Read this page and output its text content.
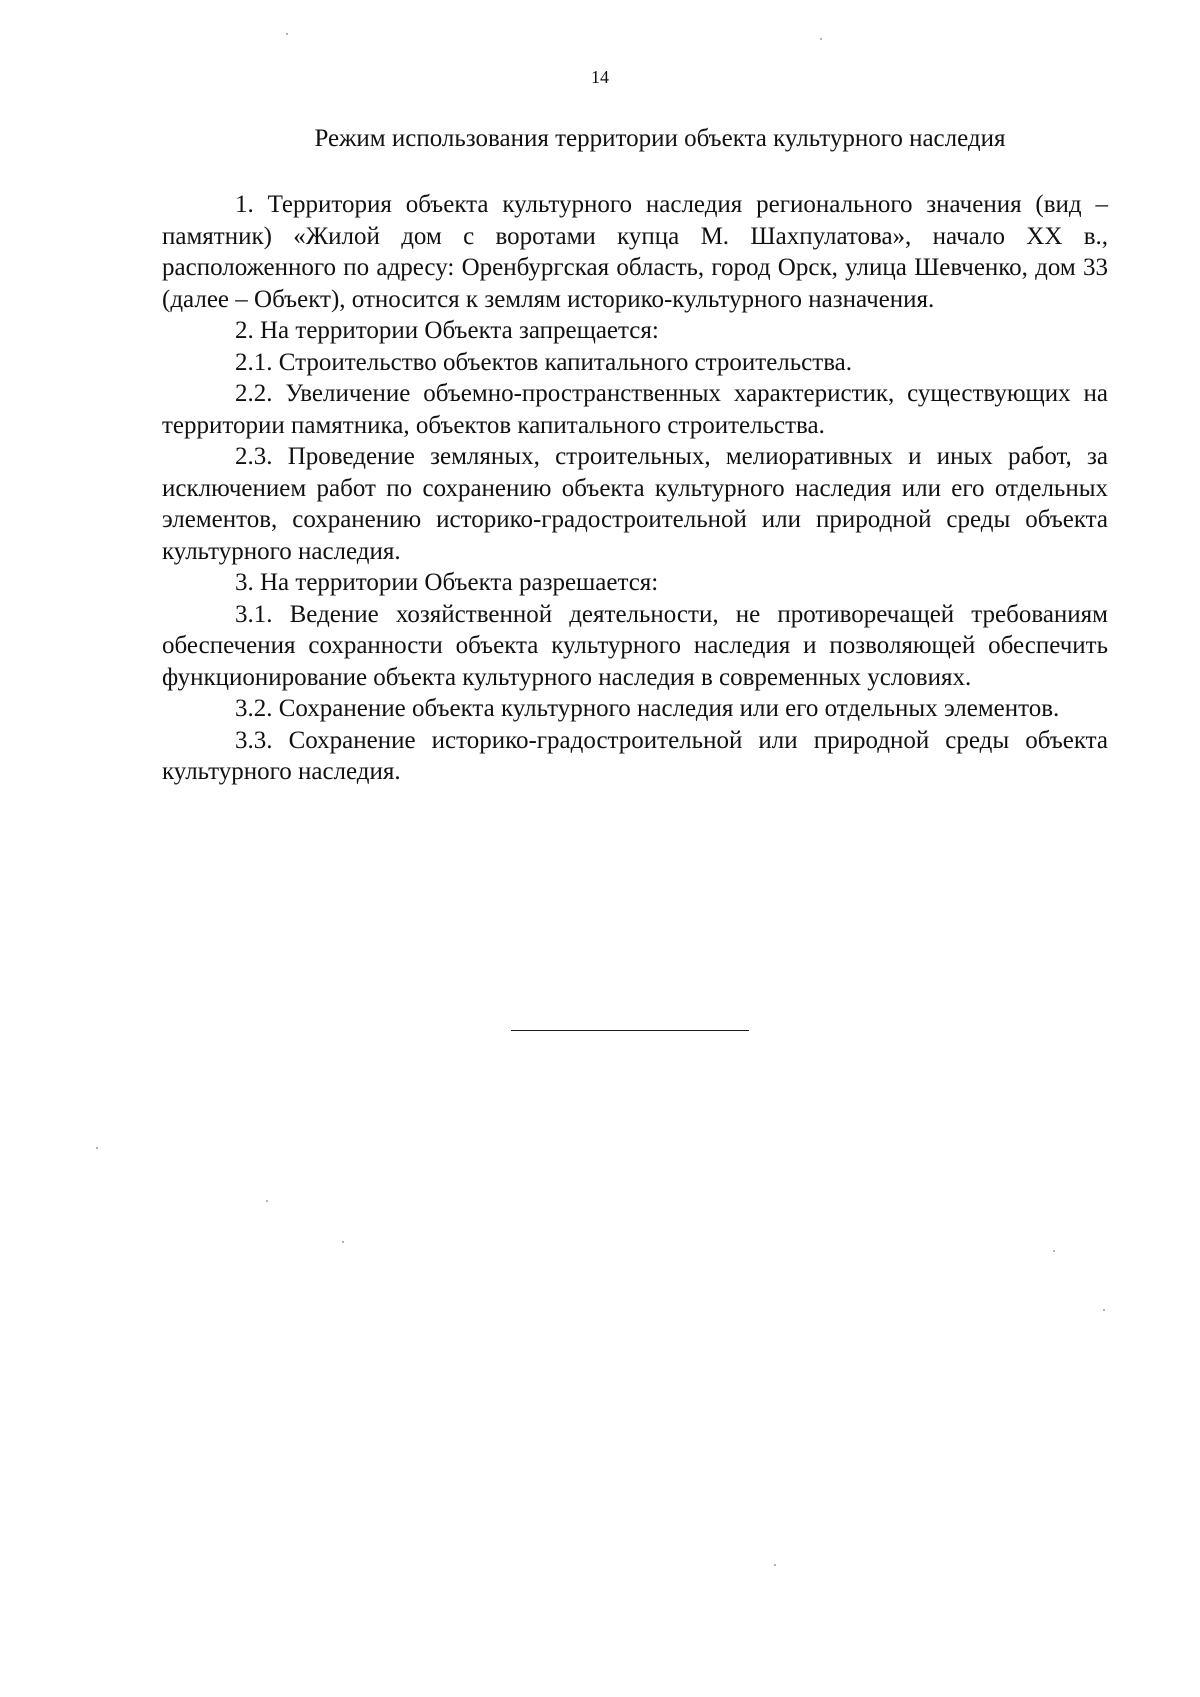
14
Режим использования территории объекта культурного наследия

1. Территория объекта культурного наследия регионального значения (вид – памятник) «Жилой дом с воротами купца М. Шахпулатова», начало XX в., расположенного по адресу: Оренбургская область, город Орск, улица Шевченко, дом 33 (далее – Объект), относится к землям историко-культурного назначения.

2. На территории Объекта запрещается:

2.1. Строительство объектов капитального строительства.

2.2. Увеличение объемно-пространственных характеристик, существующих на территории памятника, объектов капитального строительства.

2.3. Проведение земляных, строительных, мелиоративных и иных работ, за исключением работ по сохранению объекта культурного наследия или его отдельных элементов, сохранению историко-градостроительной или природной среды объекта культурного наследия.

3. На территории Объекта разрешается:

3.1. Ведение хозяйственной деятельности, не противоречащей требованиям обеспечения сохранности объекта культурного наследия и позволяющей обеспечить функционирование объекта культурного наследия в современных условиях.

3.2. Сохранение объекта культурного наследия или его отдельных элементов.

3.3. Сохранение историко-градостроительной или природной среды объекта культурного наследия.
